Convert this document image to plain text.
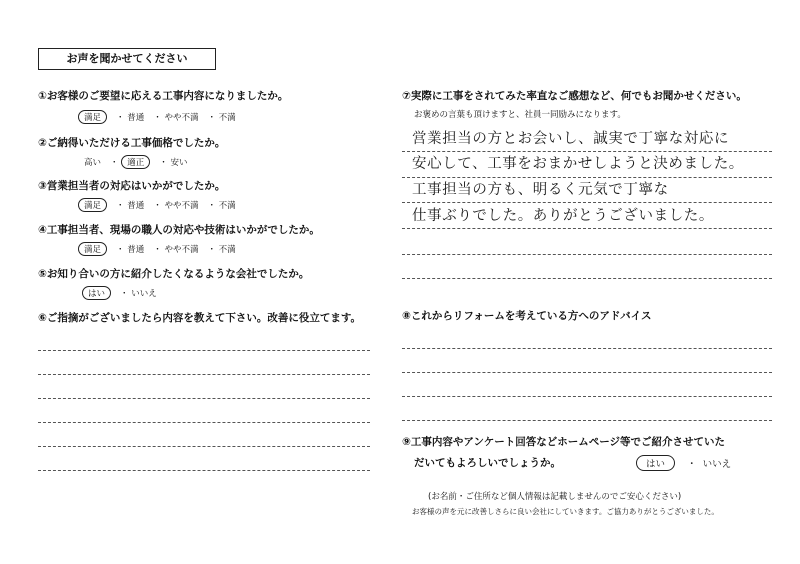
お声を聞かせてください
①お客様のご要望に応える工事内容になりましたか。
満足 ・ 普通 ・ やや不満 ・ 不満
②ご納得いただける工事価格でしたか。
高い ・ 適正 ・ 安い
③営業担当者の対応はいかがでしたか。
満足 ・ 普通 ・ やや不満 ・ 不満
④工事担当者、現場の職人の対応や技術はいかがでしたか。
満足 ・ 普通 ・ やや不満 ・ 不満
⑤お知り合いの方に紹介したくなるような会社でしたか。
はい ・ いいえ
⑥ご指摘がございましたら内容を教えて下さい。改善に役立てます。
⑦実際に工事をされてみた率直なご感想など、何でもお聞かせください。
お褒めの言葉も頂けますと、社員一同励みになります。
営業担当の方とお会いし、誠実で丁寧な対応に
安心して、工事をおまかせしようと決めました。
工事担当の方も、明るく元気で丁寧な
仕事ぶりでした。ありがとうございました。
⑧これからリフォームを考えている方へのアドバイス
⑨工事内容やアンケート回答などホームページ等でご紹介させていた
だいてもよろしいでしょうか。	はい ・  いいえ
(お名前・ご住所など個人情報は記載しませんのでご安心ください)
お客様の声を元に改善しさらに良い会社にしていきます。ご協力ありがとうございました。
